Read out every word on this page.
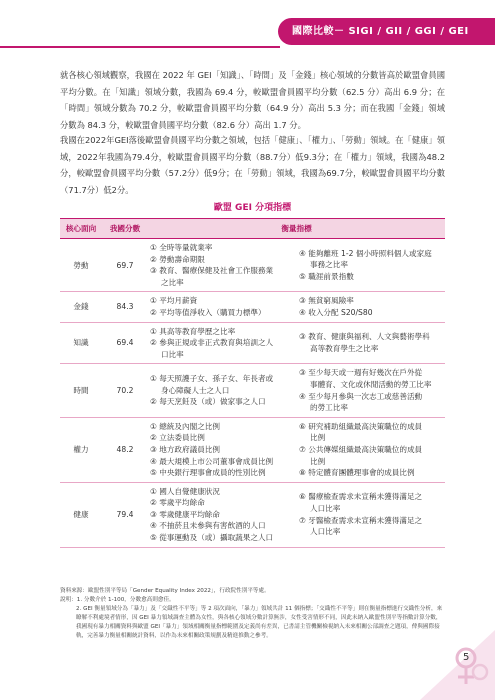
國際比較－ SIGI / GII / GGI / GEI

就各核心領域觀察，我國在 2022 年 GEI「知識」、「時間」及「金錢」核心領域的分數皆高於歐盟會員國平均分數。在「知識」領域分數，我國為 69.4 分，較歐盟會員國平均分數（62.5 分）高出 6.9 分；在「時間」領域分數為 70.2 分，較歐盟會員國平均分數（64.9 分）高出 5.3 分；而在我國「金錢」領域分數為 84.3 分，較歐盟會員國平均分數（82.6 分）高出 1.7 分。

我國在2022年GEI落後歐盟會員國平均分數之領域，包括「健康」、「權力」、「勞動」領域。在「健康」領域，2022年我國為79.4分，較歐盟會員國平均分數（88.7分）低9.3分；在「權力」領域，我國為48.2分，較歐盟會員國平均分數（57.2分）低9分；在「勞動」領域，我國為69.7分，較歐盟會員國平均分數（71.7分）低2分。

歐盟 GEI 分項指標
核心面向	我國分數	衡量指標	
勞動	69.7	① 全時等量就業率
② 勞動壽命期限
③ 教育、醫療保健及社會工作服務業
之比率	④ 能夠離班 1-2 個小時照料個人或家庭
事務之比率
⑤ 職涯前景指數

金錢	84.3	① 平均月薪資
② 平均等值淨收入（購買力標準）	③ 無貧窮風險率
④ 收入分配 S20/S80

知識	69.4	① 具高等教育學歷之比率
② 參與正規或非正式教育與培訓之人
口比率	③ 教育、健康與福利、人文與藝術學科
高等教育學生之比率

時間	70.2	① 每天照護子女、孫子女、年長者或
身心障礙人士之人口
② 每天烹飪及（或）做家事之人口	③ 至少每天或一週有好幾次在戶外從
事體育、文化或休閒活動的勞工比率
④ 至少每月參與一次志工或慈善活動
的勞工比率

權力	48.2	① 總統及內閣之比例
② 立法委員比例
③ 地方政府議員比例
④ 最大規模上市公司董事會成員比例
⑤ 中央銀行理事會成員的性別比例	⑥ 研究補助組織最高決策職位的成員
比例
⑦ 公共傳媒組織最高決策職位的成員
比例
⑧ 特定體育團體理事會的成員比例

健康	79.4	① 國人自覺健康狀況
② 零歲平均餘命
③ 零歲健康平均餘命
④ 不抽菸且未參與有害飲酒的人口
⑤ 從事運動及（或）攝取蔬果之人口	⑥ 醫療檢查需求未宣稱未獲得滿足之
人口比率
⑦ 牙醫檢查需求未宣稱未獲得滿足之
人口比率
資料來源：歐盟性別平等局「Gender Equality Index 2022」，行政院性別平等處。
說明：1. 分數介於 1-100，分數愈高則愈佳。
2. GEI 衡量領域分為「暴力」及「交織性不平等」等 2 項次面向，「暴力」領域共計 11 個指標；「交織性不平等」則在衡量指標進行交織性分析，來瞭解不利處境者情形，因 GEI 暴力領域調查主體為女性，與各核心領域分數計算無涉，女性受害情形不同，因此未納入歐盟性別平等指數計算分數，我國現有暴力相關資料與歐盟 GEI「暴力」領域相關衡量指標範圍及定義尚有差異，已書請主管機關檢視納入未來相關公部調查之題項，俾與國際接軌，完善暴力衡量相關統計資料，以作為未來相關政策規劃及精進推動之參考。
5
